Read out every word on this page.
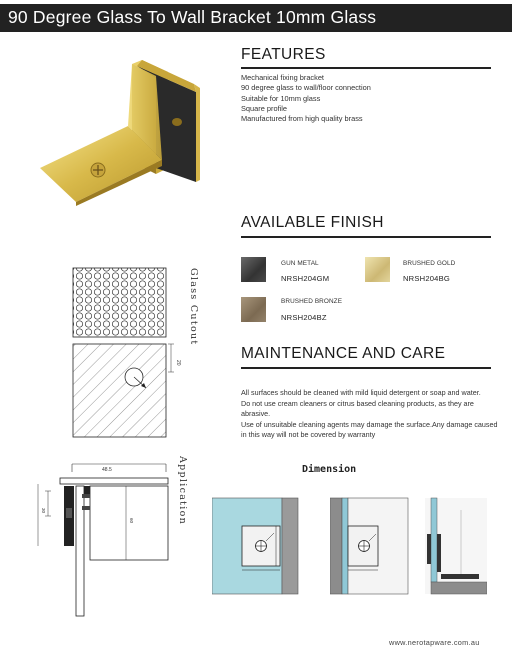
90 Degree Glass To Wall Bracket 10mm Glass
FEATURES
Mechanical fixing bracket
90 degree glass to wall/floor connection
Suitable for 10mm glass
Square profile
Manufactured from high quality brass
AVAILABLE FINISH
GUN METAL
NRSH204GM
BRUSHED GOLD
NRSH204BG
BRUSHED BRONZE
NRSH204BZ
MAINTENANCE AND CARE
All surfaces should be cleaned with mild liquid detergent or soap and water.
Do not use cream cleaners or citrus based cleaning products, as they are abrasive.
Use of unsuitable cleaning agents may damage the surface.Any damage caused in this way will not be covered by warranty
20
Glass Cutout
48.5
30
60	Application	Dimension
www.nerotapware.com.au
